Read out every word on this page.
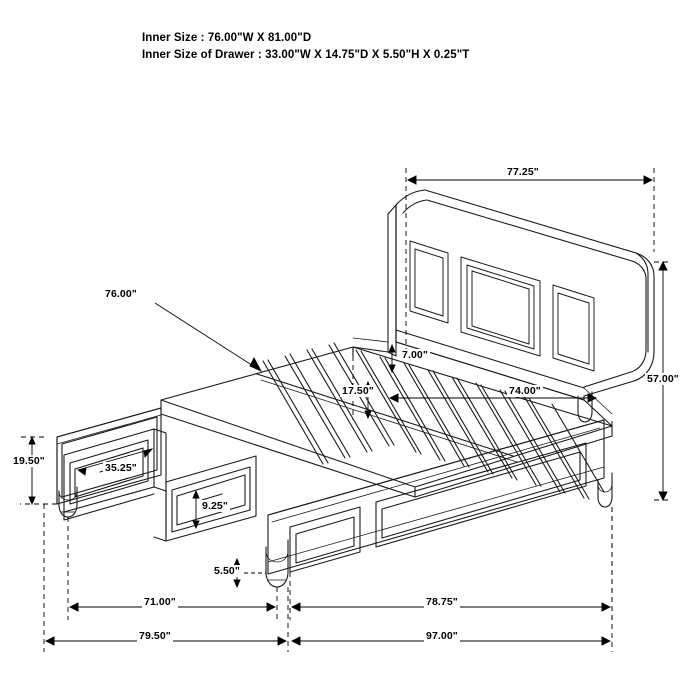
Inner Size : 76.00"W X 81.00"D
Inner Size of Drawer : 33.00"W X 14.75"D X 5.50"H X 0.25"T
77.25"
57.00"
76.00"
74.00"
7.00"
17.50"
19.50"
35.25"
9.25"
5.50"
71.00"	78.75"
79.50"	97.00"
